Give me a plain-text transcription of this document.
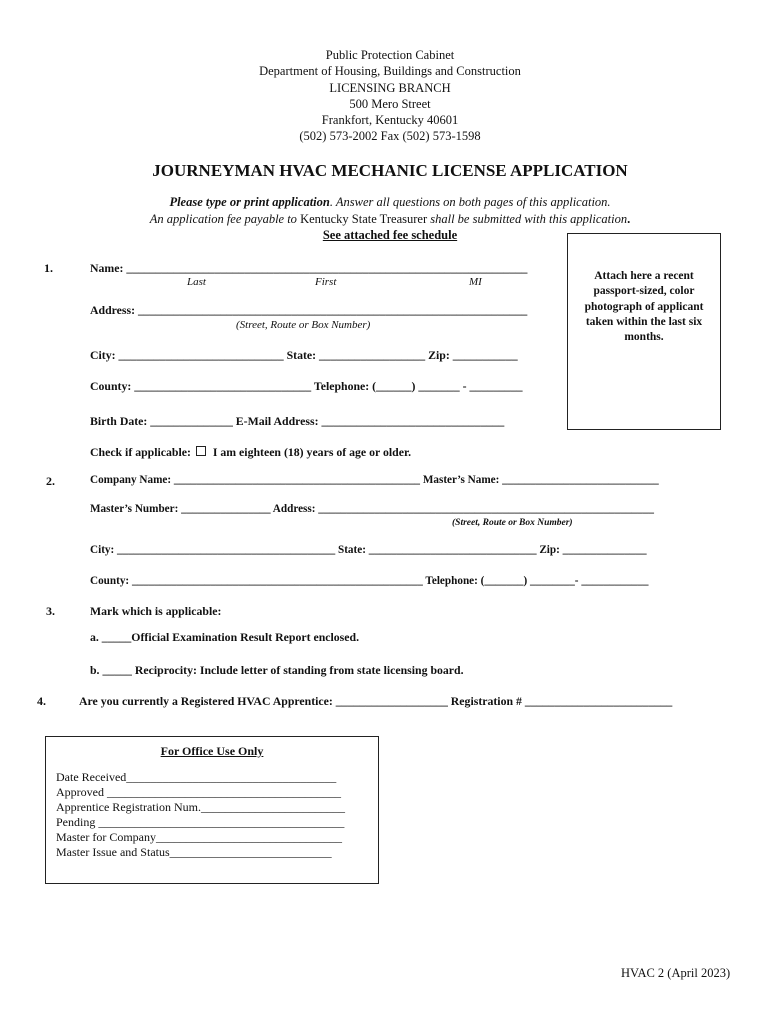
Public Protection Cabinet
Department of Housing, Buildings and Construction
LICENSING BRANCH
500 Mero Street
Frankfort, Kentucky 40601
(502) 573-2002 Fax (502) 573-1598
JOURNEYMAN HVAC MECHANIC LICENSE APPLICATION
Please type or print application. Answer all questions on both pages of this application.
An application fee payable to Kentucky State Treasurer shall be submitted with this application.
See attached fee schedule
Attach here a recent passport-sized, color photograph of applicant taken within the last six months.
1.	Name: ____________________________________________________________________
Last	First	MI
Address: __________________________________________________________________
(Street, Route or Box Number)
City: ____________________________ State: __________________ Zip: ___________
County: ______________________________ Telephone: (______) _______ - _________
Birth Date: ______________ E-Mail Address: _______________________________
Check if applicable: I am eighteen (18) years of age or older.
2.	Company Name: ____________________________________________ Master’s Name: ____________________________
Master’s Number: ________________ Address: ____________________________________________________________
(Street, Route or Box Number)
City: _______________________________________ State: ______________________________ Zip: _______________
County: ____________________________________________________ Telephone: (_______) ________- ____________
3.	Mark which is applicable:
a. _____Official Examination Result Report enclosed.
b. _____ Reciprocity: Include letter of standing from state licensing board.
4.	Are you currently a Registered HVAC Apprentice: ___________________ Registration # _________________________
For Office Use Only
Date Received___________________________________
Approved _______________________________________
Apprentice Registration Num.________________________
Pending _________________________________________
Master for Company_______________________________
Master Issue and Status___________________________
HVAC 2 (April 2023)
